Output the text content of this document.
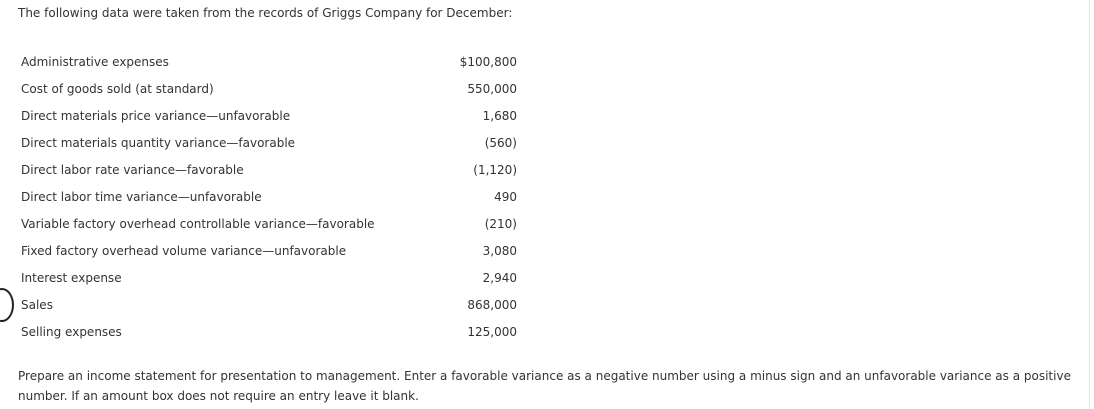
The following data were taken from the records of Griggs Company for December:

Administrative expenses	$100,800
Cost of goods sold (at standard)	550,000
Direct materials price variance—unfavorable	1,680
Direct materials quantity variance—favorable	(560)
Direct labor rate variance—favorable	(1,120)
Direct labor time variance—unfavorable	490
Variable factory overhead controllable variance—favorable	(210)
Fixed factory overhead volume variance—unfavorable	3,080
Interest expense	2,940
Sales	868,000
Selling expenses	125,000

Prepare an income statement for presentation to management. Enter a favorable variance as a negative number using a minus sign and an unfavorable variance as a positive number. If an amount box does not require an entry leave it blank.
